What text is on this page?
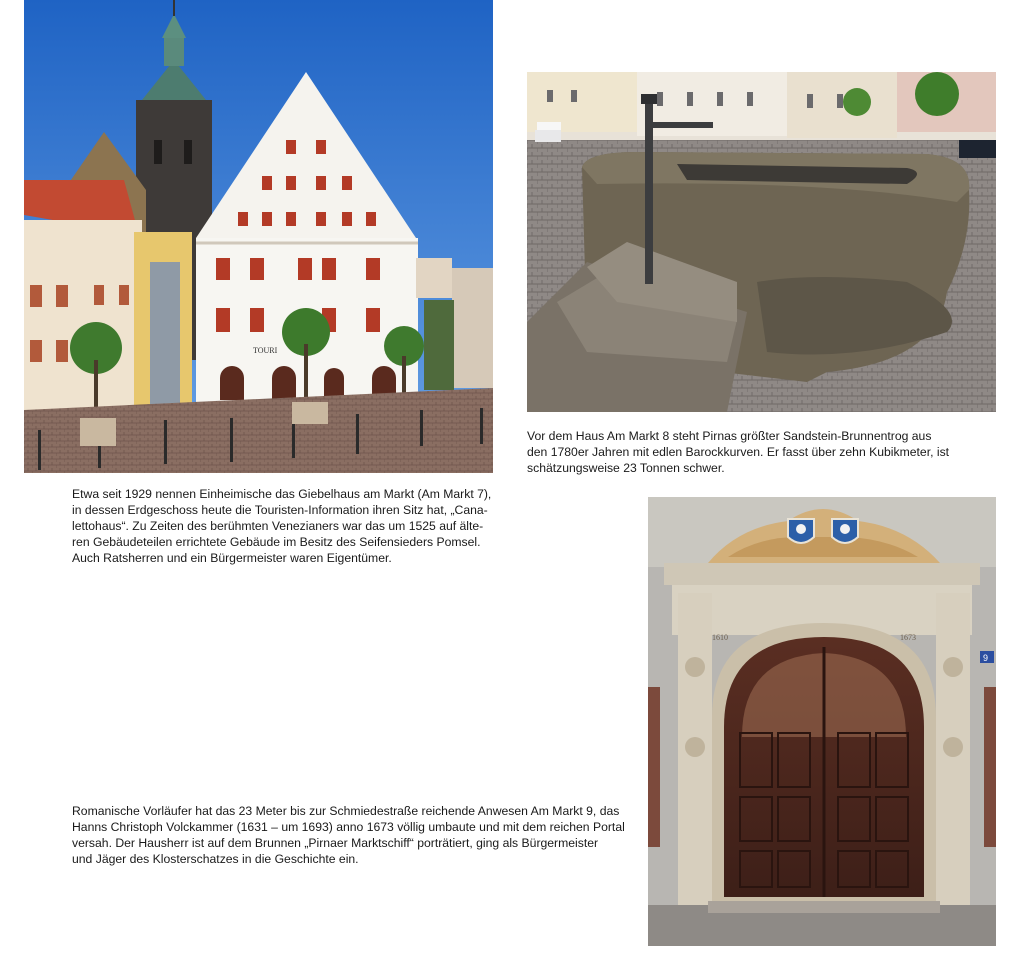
TOURI
9
1610	1673

Etwa seit 1929 nennen Einheimische das Giebelhaus am Markt (Am Markt 7),
in dessen Erdgeschoss heute die Touristen-Information ihren Sitz hat, „Cana-
lettohaus“. Zu Zeiten des berühmten Venezianers war das um 1525 auf älte-
ren Gebäudeteilen errichtete Gebäude im Besitz des Seifensieders Pomsel.
Auch Ratsherren und ein Bürgermeister waren Eigentümer.

Vor dem Haus Am Markt 8 steht Pirnas größter Sandstein-Brunnentrog aus
den 1780er Jahren mit edlen Barockkurven. Er fasst über zehn Kubikmeter, ist
schätzungsweise 23 Tonnen schwer.

Romanische Vorläufer hat das 23 Meter bis zur Schmiedestraße reichende Anwesen Am Markt 9, das
Hanns Christoph Volckammer (1631 – um 1693) anno 1673 völlig umbaute und mit dem reichen Portal
versah. Der Hausherr ist auf dem Brunnen „Pirnaer Marktschiff“ porträtiert, ging als Bürgermeister
und Jäger des Klosterschatzes in die Geschichte ein.
